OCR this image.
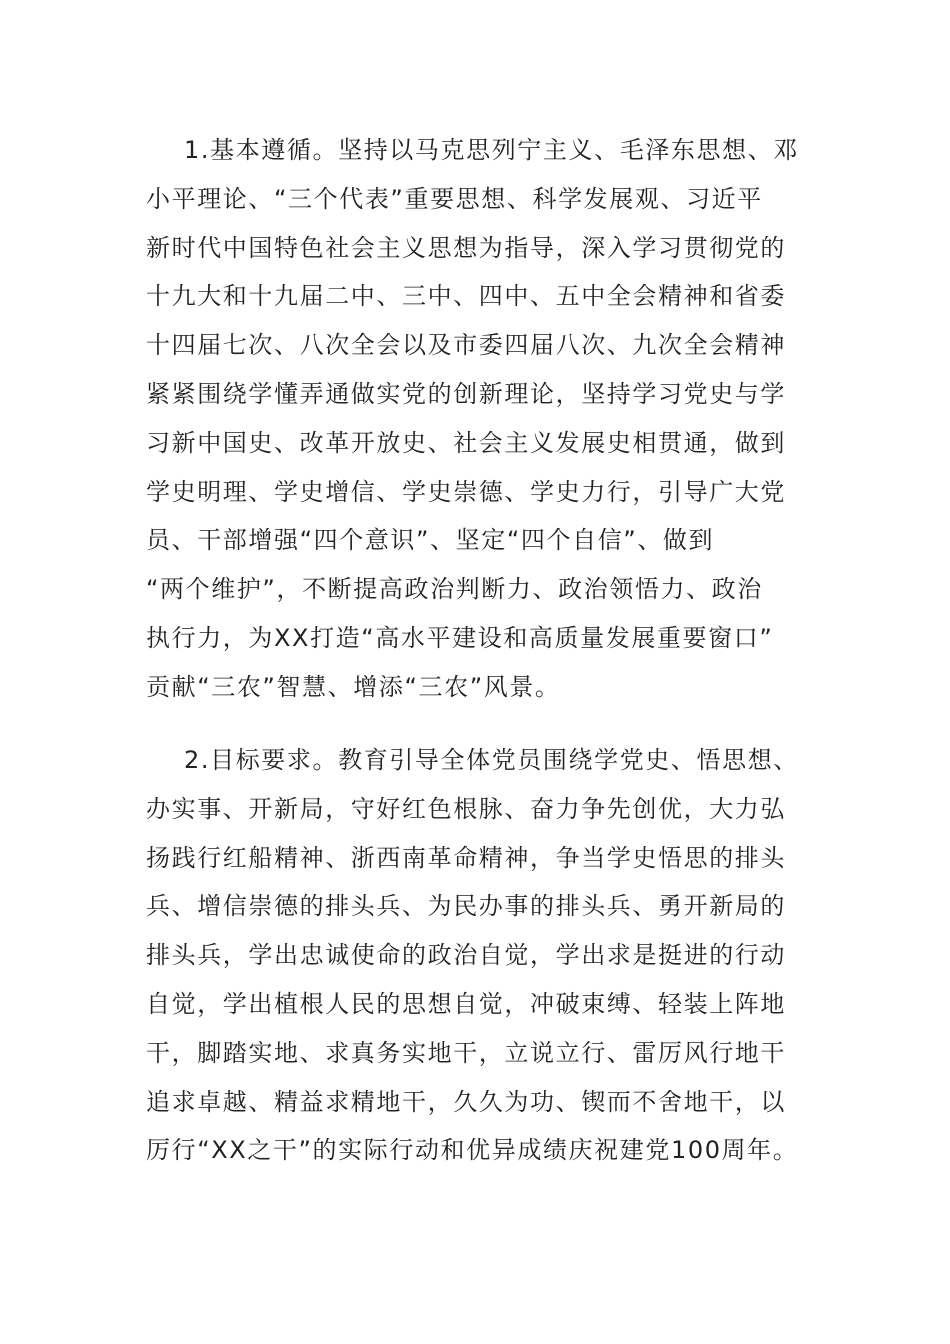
1.基本遵循。坚持以马克思列宁主义、毛泽东思想、邓
小平理论、“三个代表”重要思想、科学发展观、习近平
新时代中国特色社会主义思想为指导，深入学习贯彻党的
十九大和十九届二中、三中、四中、五中全会精神和省委
十四届七次、八次全会以及市委四届八次、九次全会精神
紧紧围绕学懂弄通做实党的创新理论，坚持学习党史与学
习新中国史、改革开放史、社会主义发展史相贯通，做到
学史明理、学史增信、学史崇德、学史力行，引导广大党
员、干部增强“四个意识”、坚定“四个自信”、做到
“两个维护”，不断提高政治判断力、政治领悟力、政治
执行力，为XX打造“高水平建设和高质量发展重要窗口”
贡献“三农”智慧、增添“三农”风景。

2.目标要求。教育引导全体党员围绕学党史、悟思想、
办实事、开新局，守好红色根脉、奋力争先创优，大力弘
扬践行红船精神、浙西南革命精神，争当学史悟思的排头
兵、增信崇德的排头兵、为民办事的排头兵、勇开新局的
排头兵，学出忠诚使命的政治自觉，学出求是挺进的行动
自觉，学出植根人民的思想自觉，冲破束缚、轻装上阵地
干，脚踏实地、求真务实地干，立说立行、雷厉风行地干
追求卓越、精益求精地干，久久为功、锲而不舍地干，以
厉行“XX之干”的实际行动和优异成绩庆祝建党100周年。
